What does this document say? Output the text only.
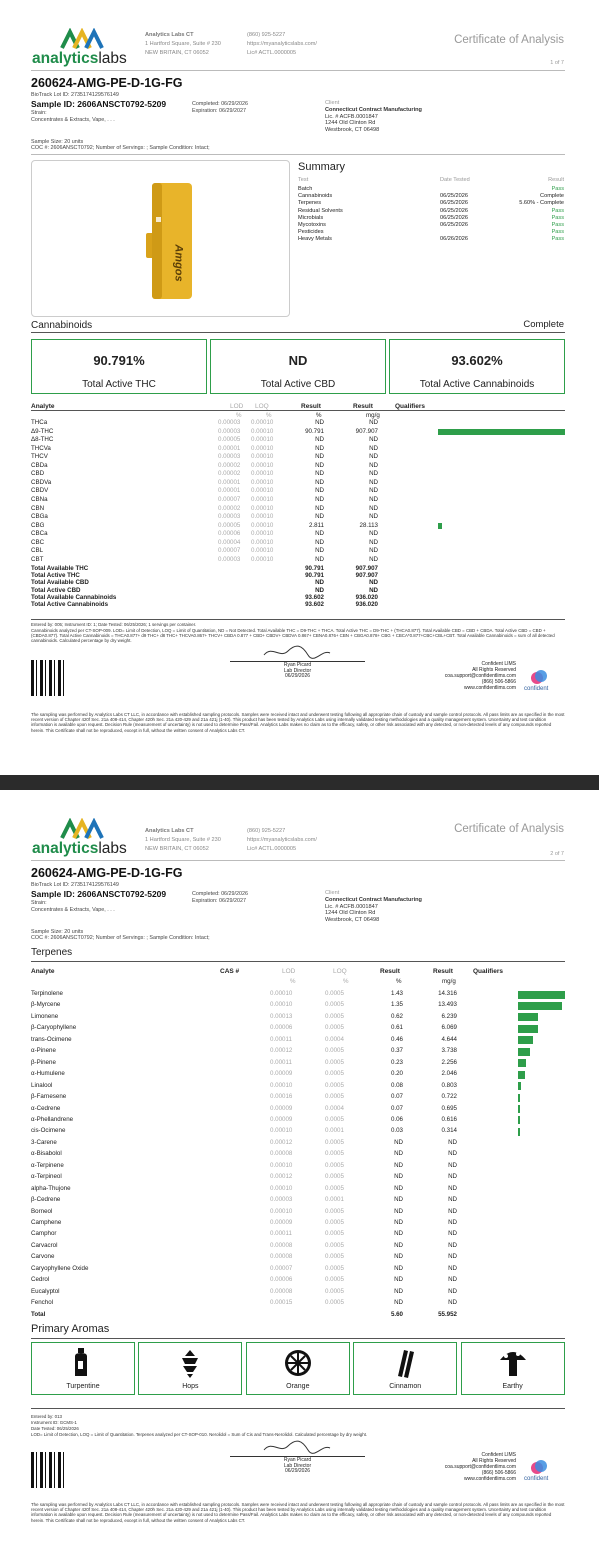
analyticslabs
Analytics Labs CT
1 Hartford Square, Suite # 230
NEW BRITAIN, CT 06052
(860) 925-5227
https://myanalyticslabs.com/
Lic# ACTL.0000005
Certificate of Analysis
1 of 7
260624-AMG-PE-D-1G-FG
BioTrack Lot ID: 2735174129576149
Sample ID: 2606ANSCT0792-5209
Strain:
Concentrates & Extracts, Vape, . . .
Completed: 06/29/2026
Expiration: 06/29/2027
Client
Connecticut Contract Manufacturing
Lic. # ACFB.0001847
1244 Old Clinton Rd
Westbrook, CT 06498
Sample Size: 20 units
COC #: 2606ANSCT0792; Number of Servings: ; Sample Condition: Intact;
Amgos
Summary
Test	Date Tested	Result
Batch	Pass
Cannabinoids	06/25/2026	Complete
Terpenes	06/25/2026	5.60% - Complete
Residual Solvents	06/25/2026	Pass
Microbials	06/25/2026	Pass
Mycotoxins	06/25/2026	Pass
Pesticides	Pass
Heavy Metals	06/26/2026	Pass
Cannabinoids	Complete
90.791%
Total Active THC
ND
Total Active CBD
93.602%
Total Active Cannabinoids
Analyte	LOD LOQ	Result	Result	Qualifiers
%	%	%	mg/g
THCa	0.00003 0.00010	ND	ND
Δ9-THC	0.00003 0.00010	90.791	907.907
Δ8-THC	0.00005 0.00010	ND	ND
THCVa	0.00001 0.00010	ND	ND
THCV	0.00003 0.00010	ND	ND
CBDa	0.00002 0.00010	ND	ND
CBD	0.00002 0.00010	ND	ND
CBDVa	0.00001 0.00010	ND	ND
CBDV	0.00001 0.00010	ND	ND
CBNa	0.00007 0.00010	ND	ND
CBN	0.00002 0.00010	ND	ND
CBGa	0.00003 0.00010	ND	ND
CBG	0.00005 0.00010	2.811	28.113
CBCa	0.00006 0.00010	ND	ND
CBC	0.00004 0.00010	ND	ND
CBL	0.00007 0.00010	ND	ND
CBT	0.00003 0.00010	ND	ND
Total Available THC	90.791	907.907
Total Active THC	90.791	907.907
Total Available CBD	ND	ND
Total Active CBD	ND	ND
Total Available Cannabinoids	93.602	936.020
Total Active Cannabinoids	93.602	936.020
Entered by: 005; Instrument ID: 1; Date Tested: 06/25/2026; 1 servings per container.
Cannabinoids analyzed per CT-SOP-009. LOD= Limit of Detection, LOQ = Limit of Quantitation, ND = Not Detected. Total Available THC = D9-THC + THCA. Total Active THC = D9-THC + (THCA0.877). Total Available CBD = CBD + CBDA. Total Active CBD = CBD + (CBDA0.877). Total Active Cannabinoids = THCA0.877+ d9 THC+ d8 THC+ THCVA0.867+ THCV+ CBDA 0.877 + CBD+ CBDV+ CBDVA 0.867+ CBNA0.876+ CBN + CBGA0.878+ CBG + CBCA*0.877+CBC+CBL+CBT. Total Available Cannabinoids = sum of all detected cannabinoids. Calculated percentage by dry weight.
Ryan Picard
Lab Director
06/29/2026
Confident LIMS
All Rights Reserved
coa.support@confidentlims.com
(866) 506-5866
www.confidentlims.com confident
The sampling was performed by Analytics Labs CT LLC, in accordance with established sampling protocols. Samples were received intact and underwent testing following all appropriate chain of custody and sample control protocols. All pass limits are as specified in the most recent version of Chapter 420f Sec. 21a 408-414, Chapter 420h Sec. 21a 420-429 and 21a 421j (1-40). This product has been tested by Analytics Labs using internally validated testing methodologies and a quality management system. Uncertainty and test condition information is available upon request. Decision Rule (measurement of uncertainty) is not used to determine Pass/Fail. Analytics Labs makes no claim as to the efficacy, safety, or other risk associated with any detected, or non-detected levels of any compounds reported herein. This Certificate shall not be reproduced, except in full, without the written consent of Analytics Labs CT.
analyticslabs
Analytics Labs CT
1 Hartford Square, Suite # 230
NEW BRITAIN, CT 06052
(860) 925-5227
https://myanalyticslabs.com/
Lic# ACTL.0000005
Certificate of Analysis
2 of 7
260624-AMG-PE-D-1G-FG
BioTrack Lot ID: 2735174129576149
Sample ID: 2606ANSCT0792-5209
Strain:
Concentrates & Extracts, Vape, . . .
Completed: 06/29/2026
Expiration: 06/29/2027
Client
Connecticut Contract Manufacturing
Lic. # ACFB.0001847
1244 Old Clinton Rd
Westbrook, CT 06498
Sample Size: 20 units
COC #: 2606ANSCT0792; Number of Servings: ; Sample Condition: Intact;
Terpenes
Analyte	CAS #	LOD	LOQ	Result	Result	Qualifiers
%	%	%	mg/g
Terpinolene	0.00010	0.0005	1.43	14.316
β-Myrcene	0.00010	0.0005	1.35	13.493
Limonene	0.00013	0.0005	0.62	6.239
β-Caryophyllene	0.00006	0.0005	0.61	6.069
trans-Ocimene	0.00011	0.0004	0.46	4.644
α-Pinene	0.00012	0.0005	0.37	3.738
β-Pinene	0.00011	0.0005	0.23	2.256
α-Humulene	0.00009	0.0005	0.20	2.046
Linalool	0.00010	0.0005	0.08	0.803
β-Farnesene	0.00016	0.0005	0.07	0.722
α-Cedrene	0.00009	0.0004	0.07	0.695
α-Phellandrene	0.00009	0.0005	0.06	0.616
cis-Ocimene	0.00010	0.0001	0.03	0.314
3-Carene	0.00012	0.0005	ND	ND
α-Bisabolol	0.00008	0.0005	ND	ND
α-Terpinene	0.00010	0.0005	ND	ND
α-Terpineol	0.00012	0.0005	ND	ND
alpha-Thujone	0.00010	0.0005	ND	ND
β-Cedrene	0.00003	0.0001	ND	ND
Borneol	0.00010	0.0005	ND	ND
Camphene	0.00009	0.0005	ND	ND
Camphor	0.00011	0.0005	ND	ND
Carvacrol	0.00008	0.0005	ND	ND
Carvone	0.00008	0.0005	ND	ND
Caryophyllene Oxide	0.00007	0.0005	ND	ND
Cedrol	0.00006	0.0005	ND	ND
Eucalyptol	0.00008	0.0005	ND	ND
Fenchol	0.00015	0.0005	ND	ND
Total	5.60	55.952
Primary Aromas
Turpentine	Hops	Orange	Cinnamon	Earthy
Entered by: 013
Instrument ID: GCMS-1
Date Tested: 06/25/2026
LOD= Limit of Detection, LOQ = Limit of Quantitation. Terpenes analyzed per CT-SOP-010. Nerolidol = Sum of Cis and Trans-Nerolidol. Calculated percentage by dry weight.
Ryan Picard
Lab Director
06/29/2026
Confident LIMS
All Rights Reserved
coa.support@confidentlims.com
(866) 506-5866
www.confidentlims.com confident
The sampling was performed by Analytics Labs CT LLC, in accordance with established sampling protocols. Samples were received intact and underwent testing following all appropriate chain of custody and sample control protocols. All pass limits are as specified in the most recent version of Chapter 420f Sec. 21a 408-414, Chapter 420h Sec. 21a 420-429 and 21a 421j (1-40). This product has been tested by Analytics Labs using internally validated testing methodologies and a quality management system. Uncertainty and test condition information is available upon request. Decision Rule (measurement of uncertainty) is not used to determine Pass/Fail. Analytics Labs makes no claim as to the efficacy, safety, or other risk associated with any detected, or non-detected levels of any compounds reported herein. This Certificate shall not be reproduced, except in full, without the written consent of Analytics Labs CT.
